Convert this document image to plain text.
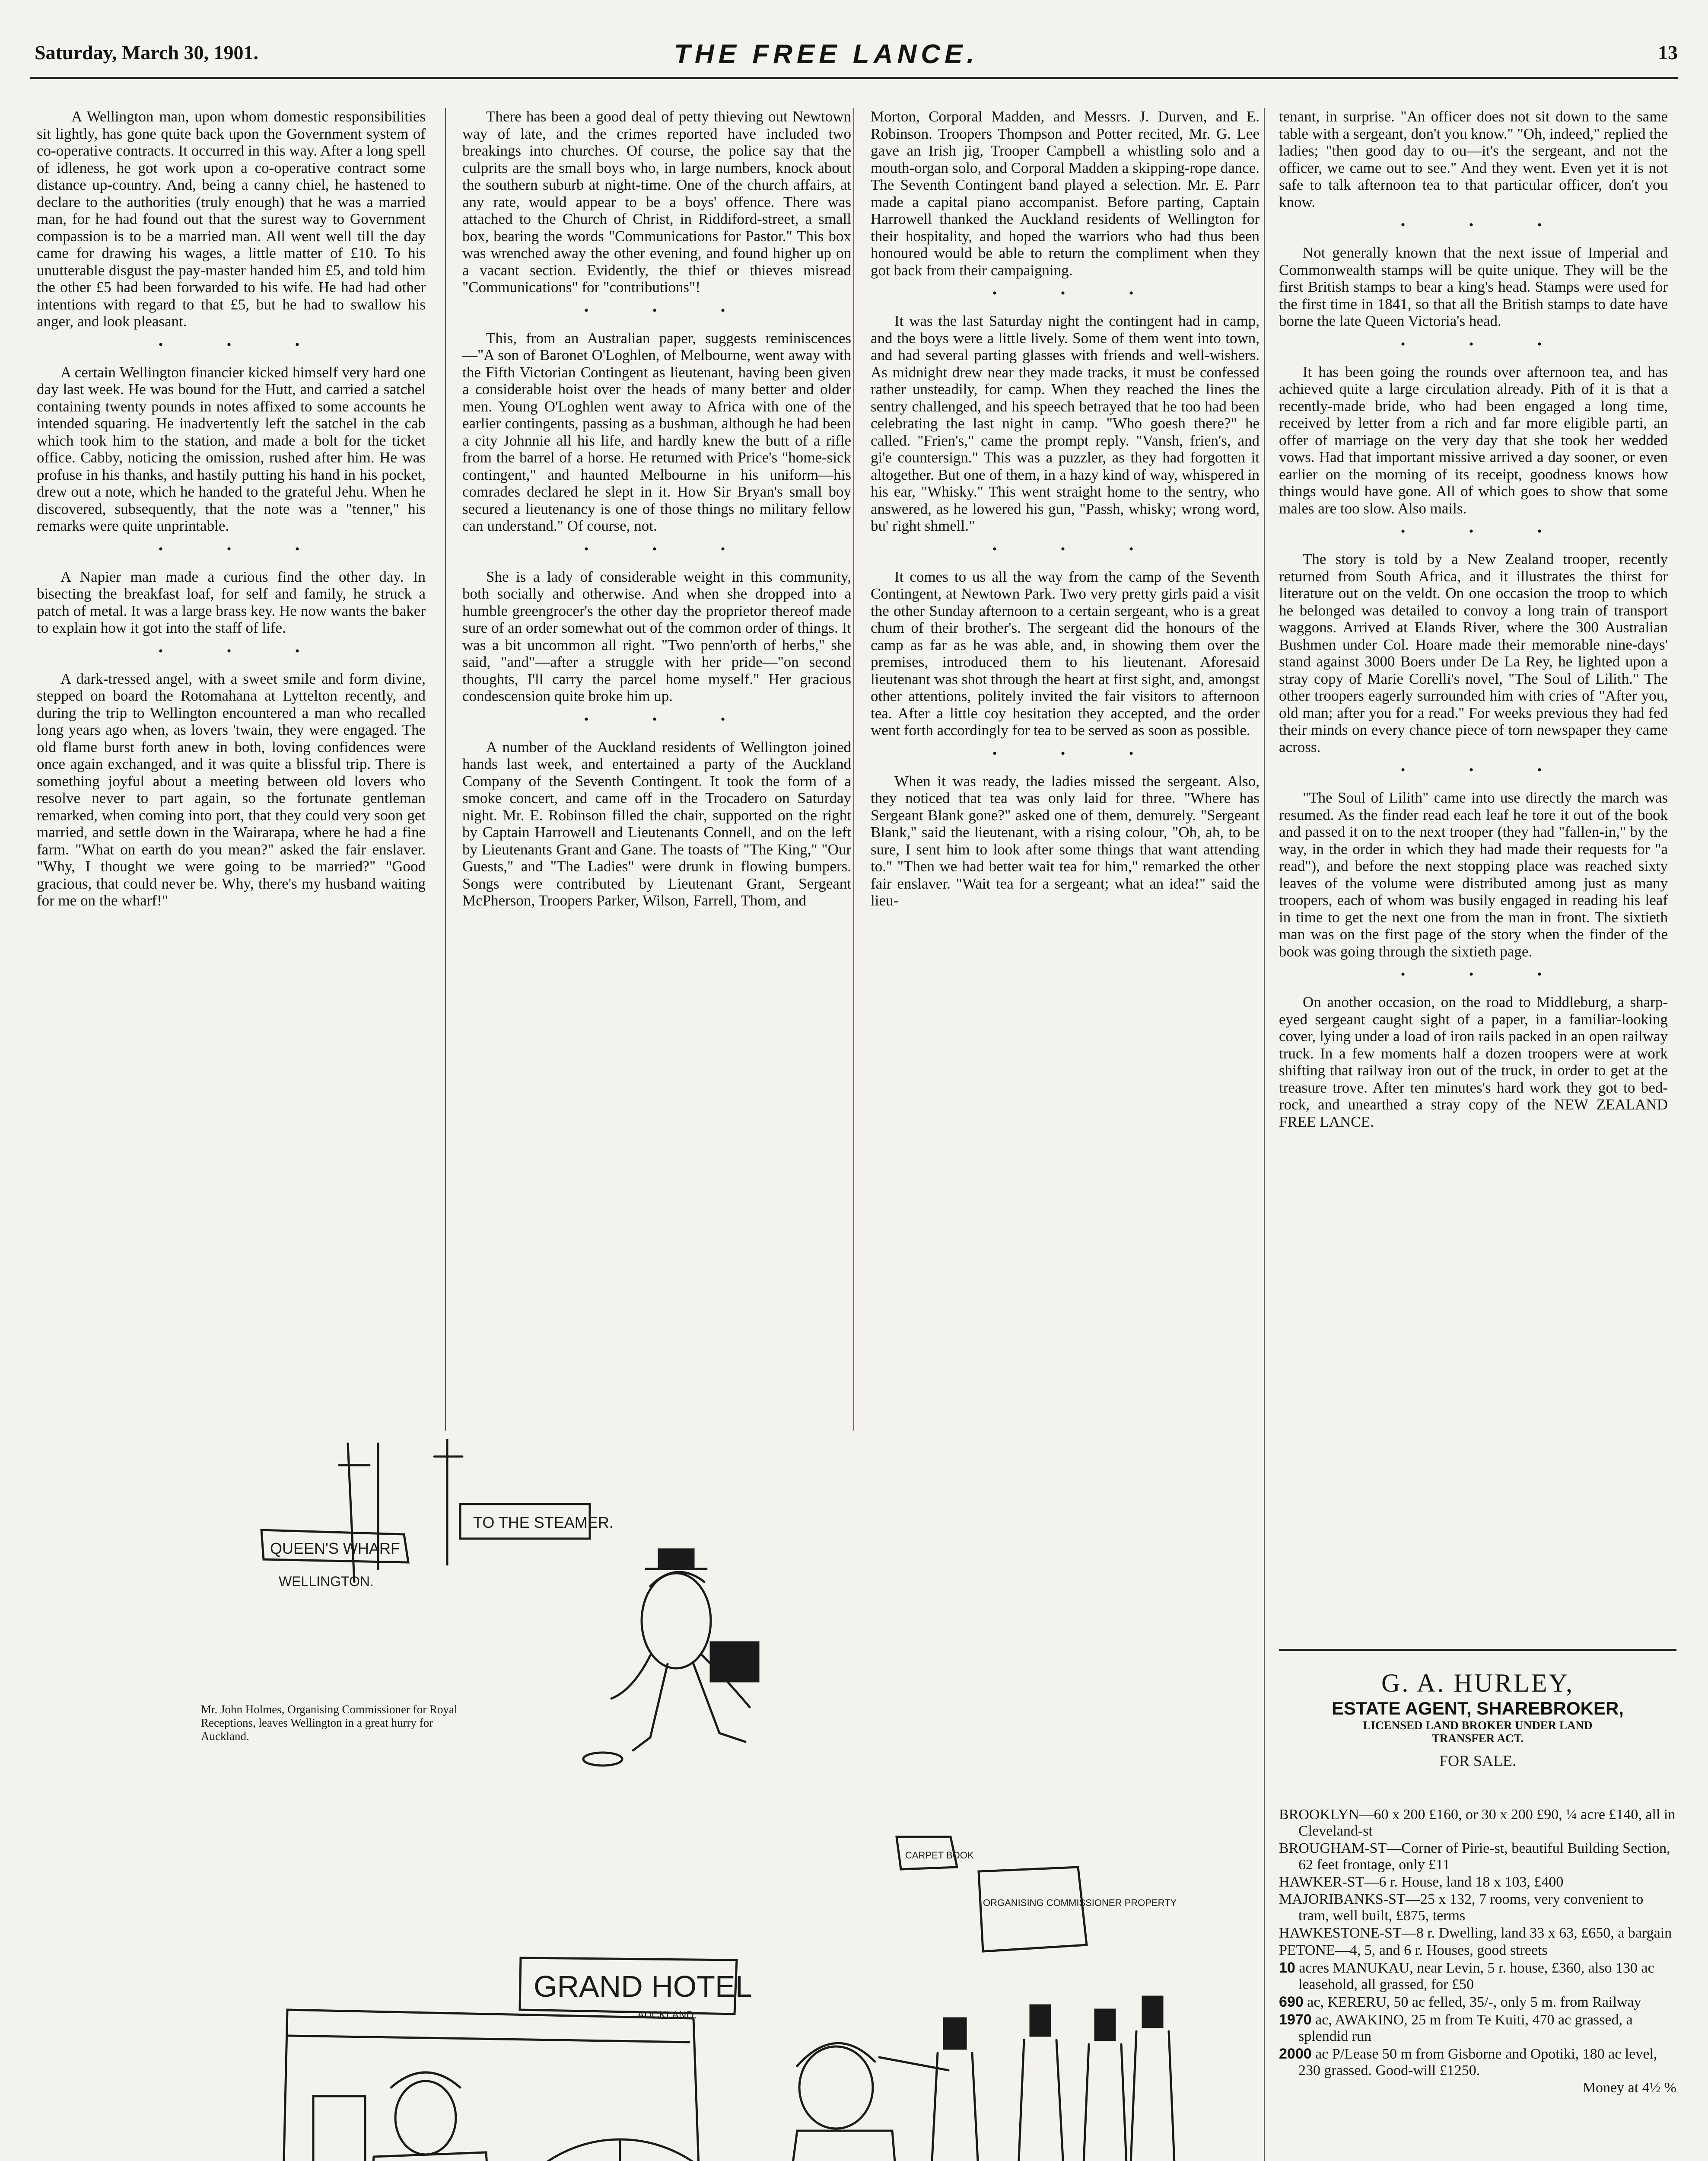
Saturday, March 30, 1901.	THE FREE LANCE.	13

A Wellington man, upon whom domestic responsibilities sit lightly, has gone quite back upon the Government system of co-operative contracts. It occurred in this way. After a long spell of idleness, he got work upon a co-operative contract some distance up-country. And, being a canny chiel, he hastened to declare to the authorities (truly enough) that he was a married man, for he had found out that the surest way to Government compassion is to be a married man. All went well till the day came for drawing his wages, a little matter of £10. To his unutterable disgust the pay-master handed him £5, and told him the other £5 had been forwarded to his wife. He had had other intentions with regard to that £5, but he had to swallow his anger, and look pleasant.

• • •

A certain Wellington financier kicked himself very hard one day last week. He was bound for the Hutt, and carried a satchel containing twenty pounds in notes affixed to some accounts he intended squaring. He inadvertently left the satchel in the cab which took him to the station, and made a bolt for the ticket office. Cabby, noticing the omission, rushed after him. He was profuse in his thanks, and hastily putting his hand in his pocket, drew out a note, which he handed to the grateful Jehu. When he discovered, subsequently, that the note was a "tenner," his remarks were quite unprintable.

• • •

A Napier man made a curious find the other day. In bisecting the breakfast loaf, for self and family, he struck a patch of metal. It was a large brass key. He now wants the baker to explain how it got into the staff of life.

• • •

A dark-tressed angel, with a sweet smile and form divine, stepped on board the Rotomahana at Lyttelton recently, and during the trip to Wellington encountered a man who recalled long years ago when, as lovers 'twain, they were engaged. The old flame burst forth anew in both, loving confidences were once again exchanged, and it was quite a blissful trip. There is something joyful about a meeting between old lovers who resolve never to part again, so the fortunate gentleman remarked, when coming into port, that they could very soon get married, and settle down in the Wairarapa, where he had a fine farm. "What on earth do you mean?" asked the fair enslaver. "Why, I thought we were going to be married?" "Good gracious, that could never be. Why, there's my husband waiting for me on the wharf!"

There has been a good deal of petty thieving out Newtown way of late, and the crimes reported have included two breakings into churches. Of course, the police say that the culprits are the small boys who, in large numbers, knock about the southern suburb at night-time. One of the church affairs, at any rate, would appear to be a boys' offence. There was attached to the Church of Christ, in Riddiford-street, a small box, bearing the words "Communications for Pastor." This box was wrenched away the other evening, and found higher up on a vacant section. Evidently, the thief or thieves misread "Communications" for "contributions"!

• • •

This, from an Australian paper, suggests reminiscences —"A son of Baronet O'Loghlen, of Melbourne, went away with the Fifth Victorian Contingent as lieutenant, having been given a considerable hoist over the heads of many better and older men. Young O'Loghlen went away to Africa with one of the earlier contingents, passing as a bushman, although he had been a city Johnnie all his life, and hardly knew the butt of a rifle from the barrel of a horse. He returned with Price's "home-sick contingent," and haunted Melbourne in his uniform—his comrades declared he slept in it. How Sir Bryan's small boy secured a lieutenancy is one of those things no military fellow can understand." Of course, not.

• • •

She is a lady of considerable weight in this community, both socially and otherwise. And when she dropped into a humble greengrocer's the other day the proprietor thereof made sure of an order somewhat out of the common order of things. It was a bit uncommon all right. "Two penn'orth of herbs," she said, "and"—after a struggle with her pride—"on second thoughts, I'll carry the parcel home myself." Her gracious condescension quite broke him up.

• • •

A number of the Auckland residents of Wellington joined hands last week, and entertained a party of the Auckland Company of the Seventh Contingent. It took the form of a smoke concert, and came off in the Trocadero on Saturday night. Mr. E. Robinson filled the chair, supported on the right by Captain Harrowell and Lieutenants Connell, and on the left by Lieutenants Grant and Gane. The toasts of "The King," "Our Guests," and "The Ladies" were drunk in flowing bumpers. Songs were contributed by Lieutenant Grant, Sergeant McPherson, Troopers Parker, Wilson, Farrell, Thom, and

Morton, Corporal Madden, and Messrs. J. Durven, and E. Robinson. Troopers Thompson and Potter recited, Mr. G. Lee gave an Irish jig, Trooper Campbell a whistling solo and a mouth-organ solo, and Corporal Madden a skipping-rope dance. The Seventh Contingent band played a selection. Mr. E. Parr made a capital piano accompanist. Before parting, Captain Harrowell thanked the Auckland residents of Wellington for their hospitality, and hoped the warriors who had thus been honoured would be able to return the compliment when they got back from their campaigning.

• • •

It was the last Saturday night the contingent had in camp, and the boys were a little lively. Some of them went into town, and had several parting glasses with friends and well-wishers. As midnight drew near they made tracks, it must be confessed rather unsteadily, for camp. When they reached the lines the sentry challenged, and his speech betrayed that he too had been celebrating the last night in camp. "Who goesh there?" he called. "Frien's," came the prompt reply. "Vansh, frien's, and gi'e countersign." This was a puzzler, as they had forgotten it altogether. But one of them, in a hazy kind of way, whispered in his ear, "Whisky." This went straight home to the sentry, who answered, as he lowered his gun, "Passh, whisky; wrong word, bu' right shmell."

• • •

It comes to us all the way from the camp of the Seventh Contingent, at Newtown Park. Two very pretty girls paid a visit the other Sunday afternoon to a certain sergeant, who is a great chum of their brother's. The sergeant did the honours of the camp as far as he was able, and, in showing them over the premises, introduced them to his lieutenant. Aforesaid lieutenant was shot through the heart at first sight, and, amongst other attentions, politely invited the fair visitors to afternoon tea. After a little coy hesitation they accepted, and the order went forth accordingly for tea to be served as soon as possible.

• • •

When it was ready, the ladies missed the sergeant. Also, they noticed that tea was only laid for three. "Where has Sergeant Blank gone?" asked one of them, demurely. "Sergeant Blank," said the lieutenant, with a rising colour, "Oh, ah, to be sure, I sent him to look after some things that want attending to." "Then we had better wait tea for him," remarked the other fair enslaver. "Wait tea for a sergeant; what an idea!" said the lieu-

tenant, in surprise. "An officer does not sit down to the same table with a sergeant, don't you know." "Oh, indeed," replied the ladies; "then good day to ou—it's the sergeant, and not the officer, we came out to see." And they went. Even yet it is not safe to talk afternoon tea to that particular officer, don't you know.

• • •

Not generally known that the next issue of Imperial and Commonwealth stamps will be quite unique. They will be the first British stamps to bear a king's head. Stamps were used for the first time in 1841, so that all the British stamps to date have borne the late Queen Victoria's head.

• • •

It has been going the rounds over afternoon tea, and has achieved quite a large circulation already. Pith of it is that a recently-made bride, who had been engaged a long time, received by letter from a rich and far more eligible parti, an offer of marriage on the very day that she took her wedded vows. Had that important missive arrived a day sooner, or even earlier on the morning of its receipt, goodness knows how things would have gone. All of which goes to show that some males are too slow. Also mails.

• • •

The story is told by a New Zealand trooper, recently returned from South Africa, and it illustrates the thirst for literature out on the veldt. On one occasion the troop to which he belonged was detailed to convoy a long train of transport waggons. Arrived at Elands River, where the 300 Australian Bushmen under Col. Hoare made their memorable nine-days' stand against 3000 Boers under De La Rey, he lighted upon a stray copy of Marie Corelli's novel, "The Soul of Lilith." The other troopers eagerly surrounded him with cries of "After you, old man; after you for a read." For weeks previous they had fed their minds on every chance piece of torn newspaper they came across.

• • •

"The Soul of Lilith" came into use directly the march was resumed. As the finder read each leaf he tore it out of the book and passed it on to the next trooper (they had "fallen-in," by the way, in the order in which they had made their requests for "a read"), and before the next stopping place was reached sixty leaves of the volume were distributed among just as many troopers, each of whom was busily engaged in reading his leaf in time to get the next one from the man in front. The sixtieth man was on the first page of the story when the finder of the book was going through the sixtieth page.

• • •

On another occasion, on the road to Middleburg, a sharp-eyed sergeant caught sight of a paper, in a familiar-looking cover, lying under a load of iron rails packed in an open railway truck. In a few moments half a dozen troopers were at work shifting that railway iron out of the truck, in order to get at the treasure trove. After ten minutes's hard work they got to bed-rock, and unearthed a stray copy of the NEW ZEALAND FREE LANCE.

QUEEN'S WHARF
WELLINGTON.
TO THE STEAMER.
GRAND HOTEL
AUCKLAND.
CARPET BOOK
ORGANISING COMMISSIONER PROPERTY
Mr. John Holmes, Organising Commissioner for Royal Receptions, leaves Wellington in a great hurry for Auckland.
G. A. HURLEY,
ESTATE AGENT, SHAREBROKER,
LICENSED LAND BROKER UNDER LAND TRANSFER ACT.
FOR SALE.
BROOKLYN—60 x 200 £160, or 30 x 200 £90, ¼ acre £140, all in Cleveland-st
BROUGHAM-ST—Corner of Pirie-st, beautiful Building Section, 62 feet frontage, only £11
HAWKER-ST—6 r. House, land 18 x 103, £400
MAJORIBANKS-ST—25 x 132, 7 rooms, very convenient to tram, well built, £875, terms
HAWKESTONE-ST—8 r. Dwelling, land 33 x 63, £650, a bargain
PETONE—4, 5, and 6 r. Houses, good streets
10 acres MANUKAU, near Levin, 5 r. house, £360, also 130 ac leasehold, all grassed, for £50
690 ac, KERERU, 50 ac felled, 35/-, only 5 m. from Railway
1970 ac, AWAKINO, 25 m from Te Kuiti, 470 ac grassed, a splendid run
2000 ac P/Lease 50 m from Gisborne and Opotiki, 180 ac level, 230 grassed. Good-will £1250.
Money at 4½ %
